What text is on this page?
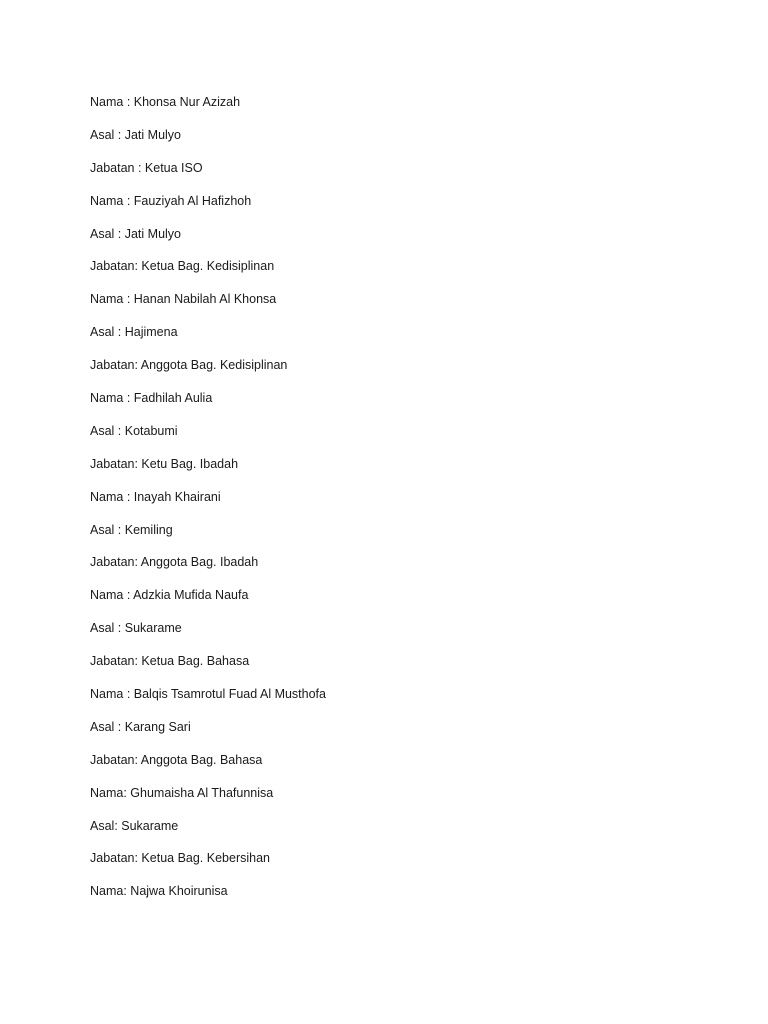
Nama : Khonsa Nur Azizah
Asal : Jati Mulyo
Jabatan : Ketua ISO
Nama : Fauziyah Al Hafizhoh
Asal : Jati Mulyo
Jabatan: Ketua Bag. Kedisiplinan
Nama : Hanan Nabilah Al Khonsa
Asal : Hajimena
Jabatan: Anggota Bag. Kedisiplinan
Nama : Fadhilah Aulia
Asal : Kotabumi
Jabatan: Ketu Bag. Ibadah
Nama : Inayah Khairani
Asal : Kemiling
Jabatan: Anggota Bag. Ibadah
Nama : Adzkia Mufida Naufa
Asal : Sukarame
Jabatan: Ketua Bag. Bahasa
Nama : Balqis Tsamrotul Fuad Al Musthofa
Asal : Karang Sari
Jabatan: Anggota Bag. Bahasa
Nama: Ghumaisha Al Thafunnisa
Asal: Sukarame
Jabatan: Ketua Bag. Kebersihan
Nama: Najwa Khoirunisa
